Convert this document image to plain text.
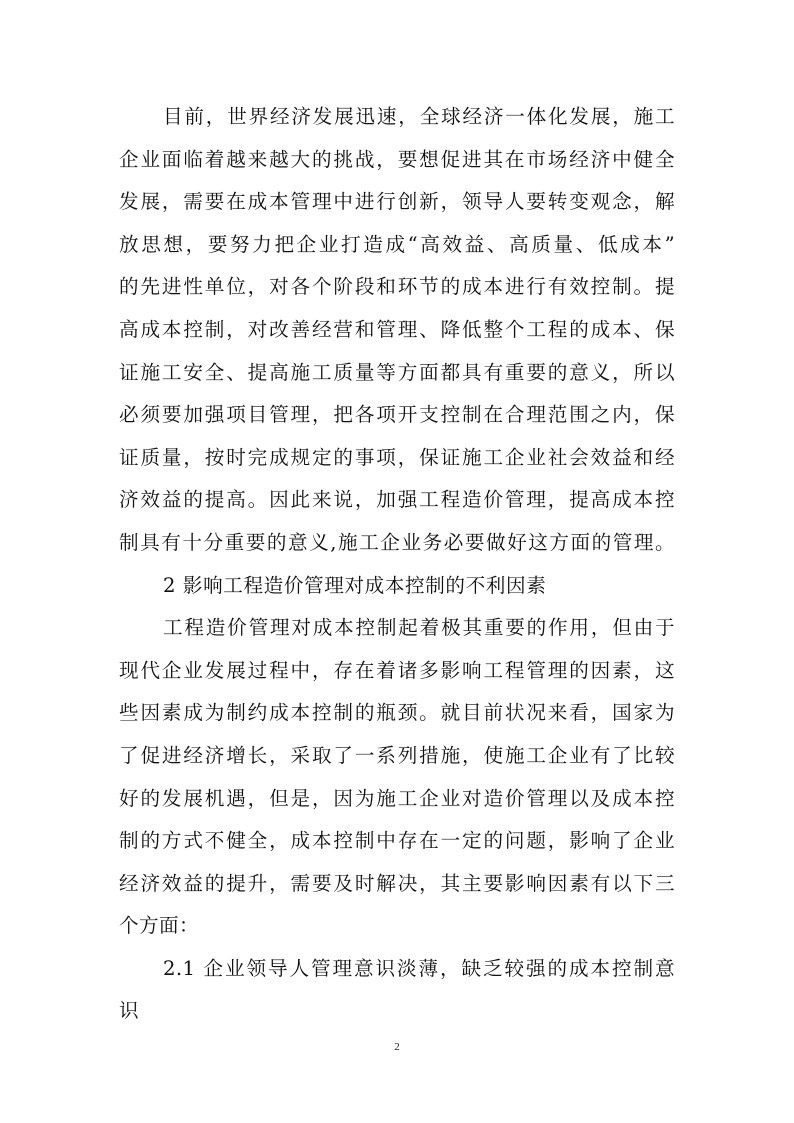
目前，世界经济发展迅速，全球经济一体化发展，施工
企业面临着越来越大的挑战，要想促进其在市场经济中健全
发展，需要在成本管理中进行创新，领导人要转变观念，解
放思想，要努力把企业打造成“高效益、高质量、低成本”
的先进性单位，对各个阶段和环节的成本进行有效控制。提
高成本控制，对改善经营和管理、降低整个工程的成本、保
证施工安全、提高施工质量等方面都具有重要的意义，所以
必须要加强项目管理，把各项开支控制在合理范围之内，保
证质量，按时完成规定的事项，保证施工企业社会效益和经
济效益的提高。因此来说，加强工程造价管理，提高成本控
制具有十分重要的意义,施工企业务必要做好这方面的管理。
2 影响工程造价管理对成本控制的不利因素
工程造价管理对成本控制起着极其重要的作用，但由于
现代企业发展过程中，存在着诸多影响工程管理的因素，这
些因素成为制约成本控制的瓶颈。就目前状况来看，国家为
了促进经济增长，采取了一系列措施，使施工企业有了比较
好的发展机遇，但是，因为施工企业对造价管理以及成本控
制的方式不健全，成本控制中存在一定的问题，影响了企业
经济效益的提升，需要及时解决，其主要影响因素有以下三
个方面：
2.1 企业领导人管理意识淡薄，缺乏较强的成本控制意
识
2
